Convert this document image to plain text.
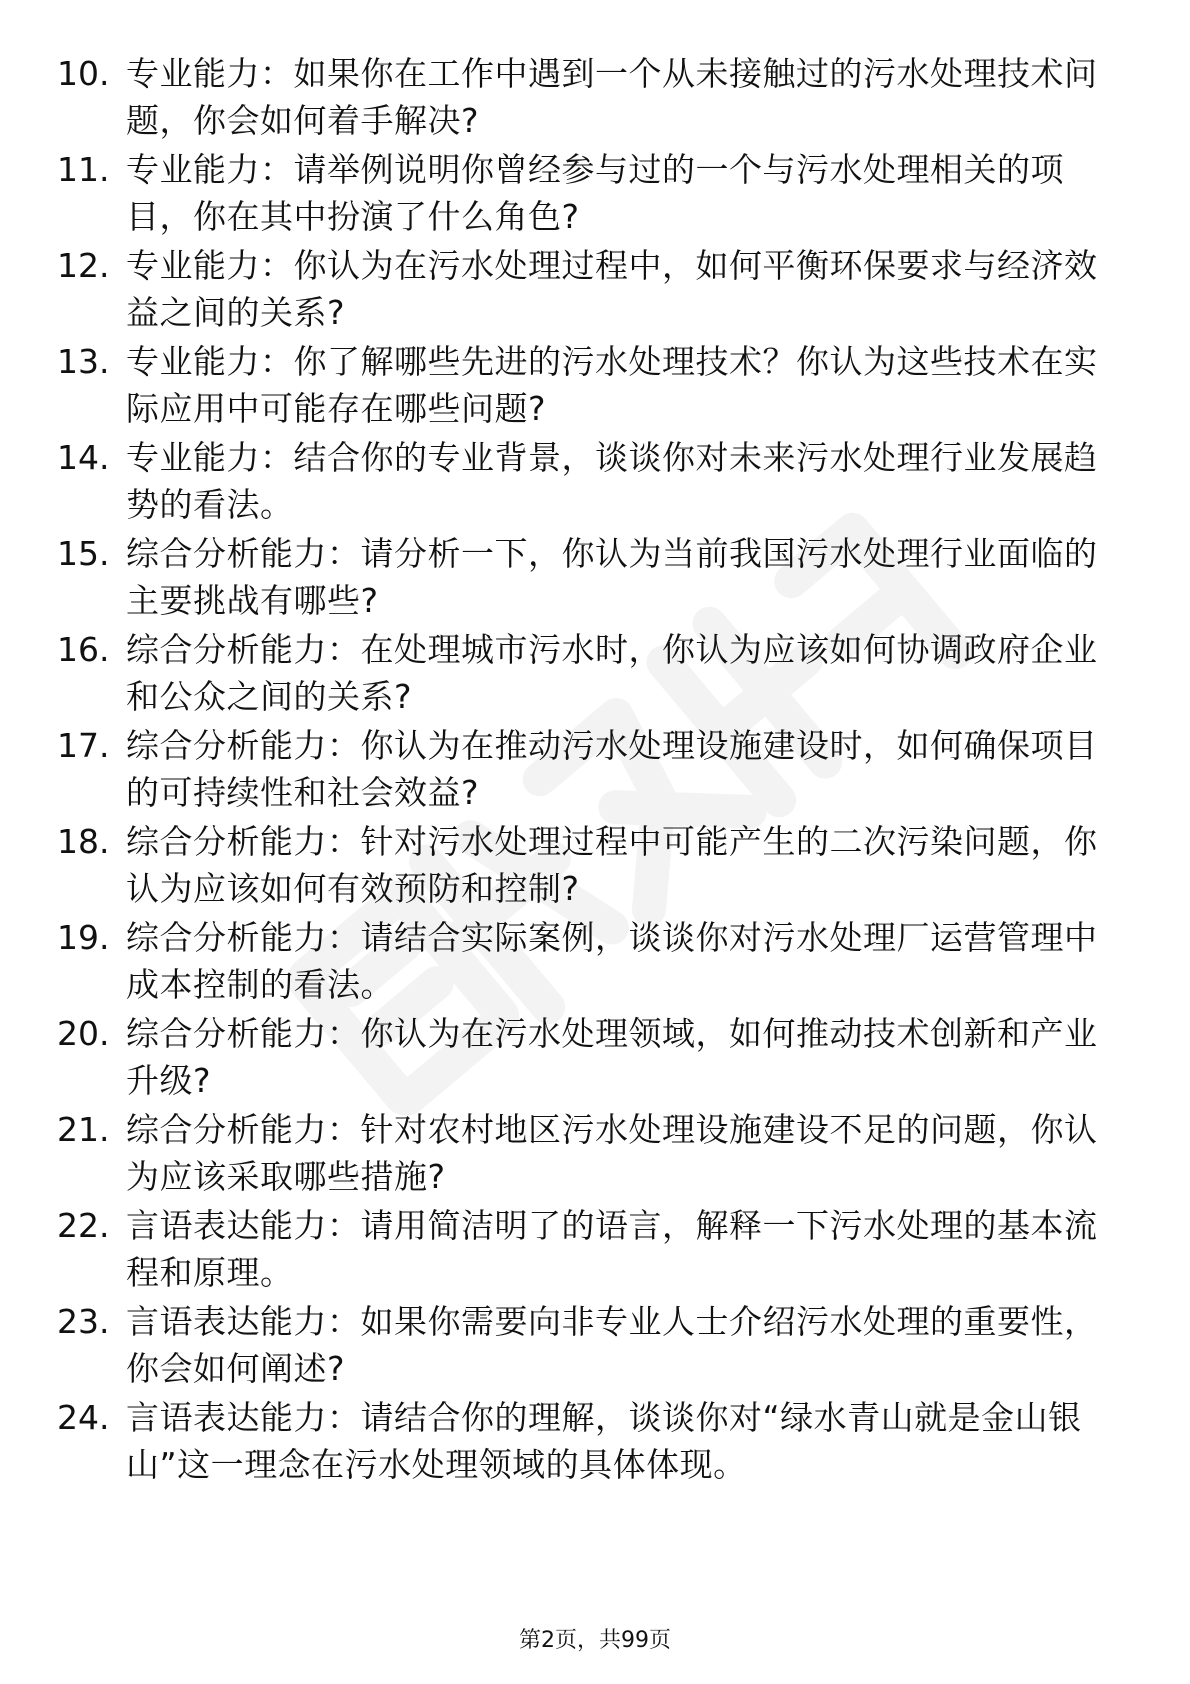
10. 专业能力：如果你在工作中遇到一个从未接触过的污水处理技术问题，你会如何着手解决?
11. 专业能力：请举例说明你曾经参与过的一个与污水处理相关的项目，你在其中扮演了什么角色?
12. 专业能力：你认为在污水处理过程中，如何平衡环保要求与经济效益之间的关系?
13. 专业能力：你了解哪些先进的污水处理技术？你认为这些技术在实际应用中可能存在哪些问题?
14. 专业能力：结合你的专业背景，谈谈你对未来污水处理行业发展趋势的看法。
15. 综合分析能力：请分析一下，你认为当前我国污水处理行业面临的主要挑战有哪些?
16. 综合分析能力：在处理城市污水时，你认为应该如何协调政府企业和公众之间的关系?
17. 综合分析能力：你认为在推动污水处理设施建设时，如何确保项目的可持续性和社会效益?
18. 综合分析能力：针对污水处理过程中可能产生的二次污染问题，你认为应该如何有效预防和控制?
19. 综合分析能力：请结合实际案例，谈谈你对污水处理厂运营管理中成本控制的看法。
20. 综合分析能力：你认为在污水处理领域，如何推动技术创新和产业升级?
21. 综合分析能力：针对农村地区污水处理设施建设不足的问题，你认为应该采取哪些措施?
22. 言语表达能力：请用简洁明了的语言，解释一下污水处理的基本流程和原理。
23. 言语表达能力：如果你需要向非专业人士介绍污水处理的重要性，你会如何阐述?
24. 言语表达能力：请结合你的理解，谈谈你对“绿水青山就是金山银山”这一理念在污水处理领域的具体体现。
第2页，共99页
